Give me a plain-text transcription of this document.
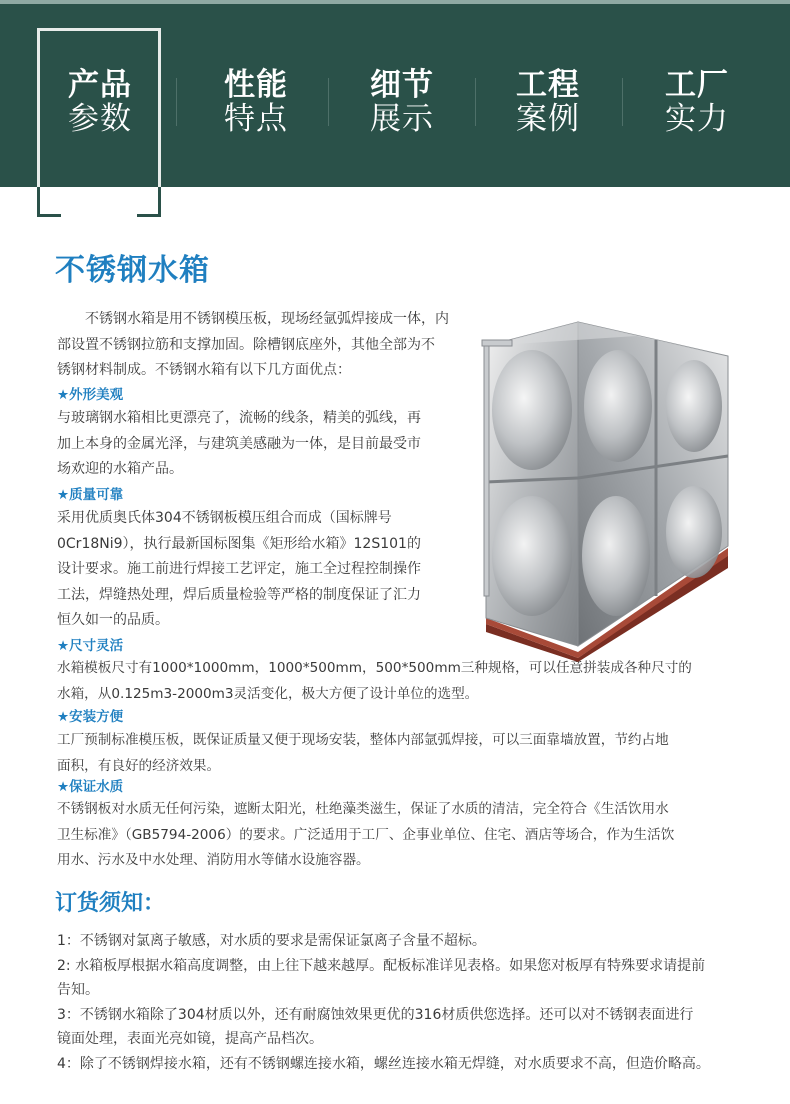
产品
参数
性能
特点
细节
展示
工程
案例
工厂
实力
不锈钢水箱
　　不锈钢水箱是用不锈钢模压板，现场经氩弧焊接成一体，内
部设置不锈钢拉筋和支撑加固。除槽钢底座外，其他全部为不
锈钢材料制成。不锈钢水箱有以下几方面优点：
★外形美观
与玻璃钢水箱相比更漂亮了，流畅的线条，精美的弧线，再
加上本身的金属光泽，与建筑美感融为一体，是目前最受市
场欢迎的水箱产品。
★质量可靠
采用优质奥氏体304不锈钢板模压组合而成（国标牌号
0Cr18Ni9），执行最新国标图集《矩形给水箱》12S101的
设计要求。施工前进行焊接工艺评定，施工全过程控制操作
工法，焊缝热处理，焊后质量检验等严格的制度保证了汇力
恒久如一的品质。
★尺寸灵活
水箱模板尺寸有1000*1000mm，1000*500mm，500*500mm三种规格，可以任意拼装成各种尺寸的
水箱，从0.125m3-2000m3灵活变化，极大方便了设计单位的选型。
★安装方便
工厂预制标准模压板，既保证质量又便于现场安装，整体内部氩弧焊接，可以三面靠墙放置，节约占地
面积，有良好的经济效果。
★保证水质
不锈钢板对水质无任何污染，遮断太阳光，杜绝藻类滋生，保证了水质的清洁，完全符合《生活饮用水
卫生标准》（GB5794-2006）的要求。广泛适用于工厂、企事业单位、住宅、酒店等场合，作为生活饮
用水、污水及中水处理、消防用水等储水设施容器。
订货须知：
1：不锈钢对氯离子敏感，对水质的要求是需保证氯离子含量不超标。
2: 水箱板厚根据水箱高度调整，由上往下越来越厚。配板标准详见表格。如果您对板厚有特殊要求请提前
告知。
3：不锈钢水箱除了304材质以外，还有耐腐蚀效果更优的316材质供您选择。还可以对不锈钢表面进行
镜面处理，表面光亮如镜，提高产品档次。
4：除了不锈钢焊接水箱，还有不锈钢螺连接水箱，螺丝连接水箱无焊缝，对水质要求不高，但造价略高。
